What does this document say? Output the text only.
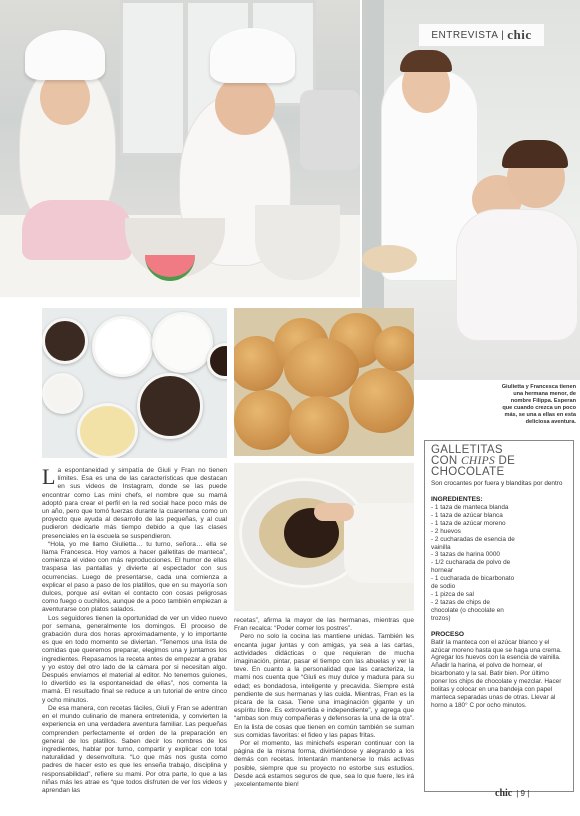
ENTREVISTA | chic
Giulietta y Francesca tienen
una hermana menor, de
nombre Filippa. Esperan
que cuando crezca un poco
más, se una a ellas en esta
deliciosa aventura.

La espontaneidad y simpatía de Giuli y Fran no tienen límites. Esa es una de las características que destacan en sus videos de Instagram, donde se las puede encontrar como Las mini chefs, el nombre que su mamá adoptó para crear el perfil en la red social hace poco más de un año, pero que tomó fuerzas durante la cuarentena como un proyecto que ayuda al desarrollo de las pequeñas, y al cual pudieron dedicarle más tiempo debido a que las clases presenciales en la escuela se suspendieron.

“Hola, yo me llamo Giulietta… tu turno, señora… ella se llama Francesca. Hoy vamos a hacer galletitas de manteca”, comienza el video con más reproducciones. El humor de ellas traspasa las pantallas y divierte al espectador con sus ocurrencias. Luego de presentarse, cada una comienza a explicar el paso a paso de los platillos, que en su mayoría son dulces, porque así evitan el contacto con cosas peligrosas como fuego o cuchillos, aunque de a poco también empiezan a aventurarse con platos salados.

Los seguidores tienen la oportunidad de ver un video nuevo por semana, generalmente los domingos. El proceso de grabación dura dos horas aproximadamente, y lo importante es que en todo momento se diviertan. “Tenemos una lista de comidas que queremos preparar, elegimos una y juntamos los ingredientes. Repasamos la receta antes de empezar a grabar y yo estoy del otro lado de la cámara por si necesitan algo. Después envíamos el material al editor. No tenemos guiones, lo divertido es la espontaneidad de ellas”, nos comenta la mamá. El resultado final se reduce a un tutorial de entre cinco y ocho minutos.

De esa manera, con recetas fáciles, Giuli y Fran se adentran en el mundo culinario de manera entretenida, y convierten la experiencia en una verdadera aventura familiar. Las pequeñas comprenden perfectamente el orden de la preparación en general de los platillos. Saben decir los nombres de los ingredientes, hablar por turno, compartir y explicar con total naturalidad y desenvoltura. “Lo que más nos gusta como padres de hacer esto es que les enseña trabajo, disciplina y responsabilidad”, refiere su mami. Por otra parte, lo que a las niñas más les atrae es “que todos disfruten de ver los videos y aprendan las

recetas”, afirma la mayor de las hermanas, mientras que Fran recalca: “Poder comer los postres”.

Pero no solo la cocina las mantiene unidas. También les encanta jugar juntas y con amigas, ya sea a las cartas, actividades didácticas o que requieran de mucha imaginación, pintar, pasar el tiempo con las abuelas y ver la teve. En cuanto a la personalidad que las caracteriza, la mami nos cuenta que “Giuli es muy dulce y madura para su edad; es bondadosa, inteligente y precavida. Siempre está pendiente de sus hermanas y las cuida. Mientras, Fran es la pícara de la casa. Tiene una imaginación gigante y un espíritu libre. Es extrovertida e independiente”, y agrega que “ambas son muy compañeras y defensoras la una de la otra”. En la lista de cosas que tienen en común también se suman sus comidas favoritas: el fideo y las papas fritas.

Por el momento, las minichefs esperan continuar con la página de la misma forma, divirtiéndose y alegrando a los demás con recetas. Intentarán mantenerse lo más activas posible, siempre que su proyecto no estorbe sus estudios. Desde acá estamos seguros de que, sea lo que fuere, les irá ¡excelentemente bien!

GALLETITAS
CON CHIPS DE
CHOCOLATE
Son crocantes por fuera y blanditas por dentro
INGREDIENTES:
- 1 taza de manteca blanda
- 1 taza de azúcar blanca
- 1 taza de azúcar moreno
- 2 huevos
- 2 cucharadas de esencia de
vainilla
- 3 tazas de harina 0000
- 1/2 cucharada de polvo de
hornear
- 1 cucharada de bicarbonato
de sodio
- 1 pizca de sal
- 2 tazas de chips de
chocolate (o chocolate en
trozos)
PROCESO
Batir la manteca con el azúcar blanco y el azúcar moreno hasta que se haga una crema. Agregar los huevos con la esencia de vainilla. Añadir la harina, el polvo de hornear, el bicarbonato y la sal. Batir bien. Por último poner los chips de chocolate y mezclar. Hacer bolitas y colocar en una bandeja con papel manteca separadas unas de otras. Llevar al horno a 180° C por ocho minutos.
chic | 9 |
